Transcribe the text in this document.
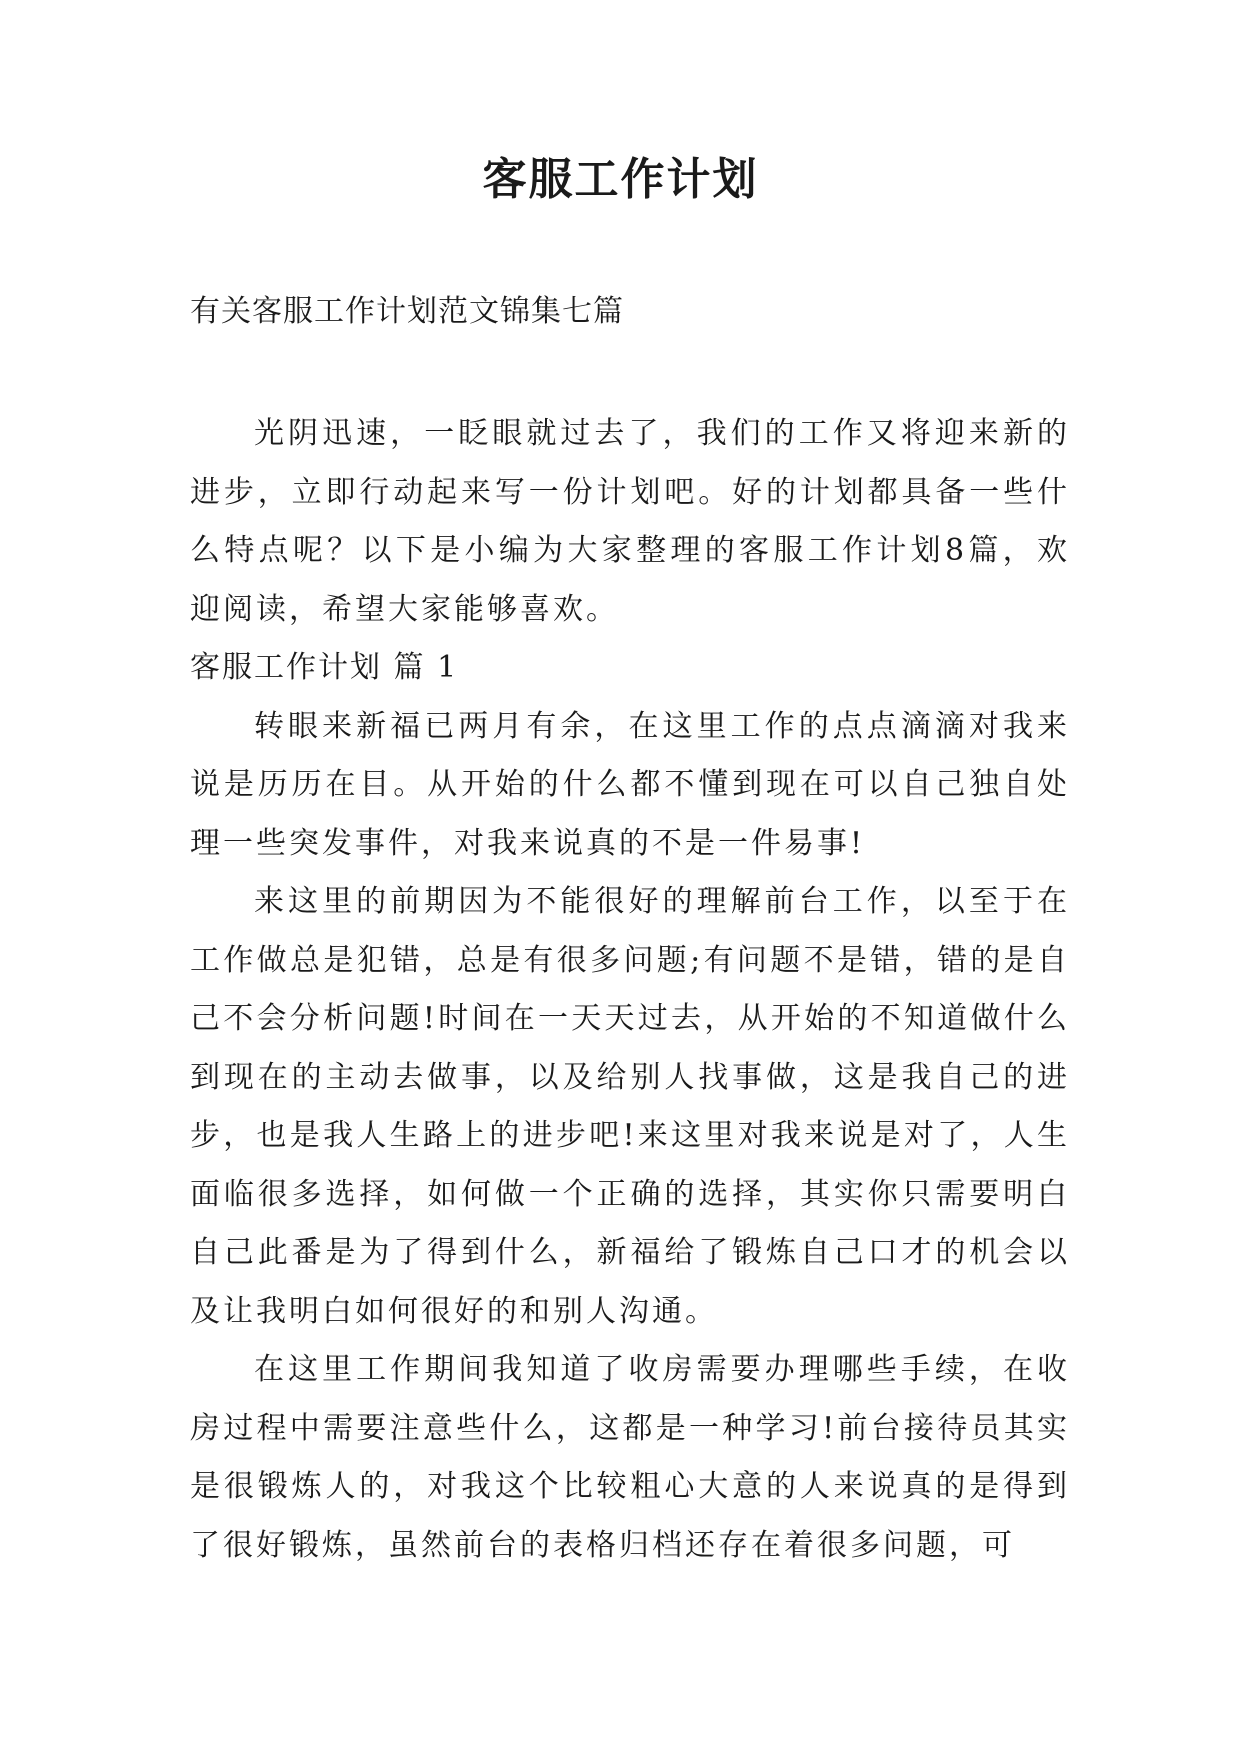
客服工作计划

有关客服工作计划范文锦集七篇

光阴迅速，一眨眼就过去了，我们的工作又将迎来新的进步，立即行动起来写一份计划吧。好的计划都具备一些什么特点呢？以下是小编为大家整理的客服工作计划8篇，欢迎阅读，希望大家能够喜欢。

客服工作计划 篇 1

转眼来新福已两月有余，在这里工作的点点滴滴对我来说是历历在目。从开始的什么都不懂到现在可以自己独自处理一些突发事件，对我来说真的不是一件易事!

来这里的前期因为不能很好的理解前台工作，以至于在工作做总是犯错，总是有很多问题;有问题不是错，错的是自己不会分析问题!时间在一天天过去，从开始的不知道做什么到现在的主动去做事，以及给别人找事做，这是我自己的进步，也是我人生路上的进步吧!来这里对我来说是对了，人生面临很多选择，如何做一个正确的选择，其实你只需要明白自己此番是为了得到什么，新福给了锻炼自己口才的机会以及让我明白如何很好的和别人沟通。

在这里工作期间我知道了收房需要办理哪些手续，在收房过程中需要注意些什么，这都是一种学习!前台接待员其实是很锻炼人的，对我这个比较粗心大意的人来说真的是得到了很好锻炼，虽然前台的表格归档还存在着很多问题，可
